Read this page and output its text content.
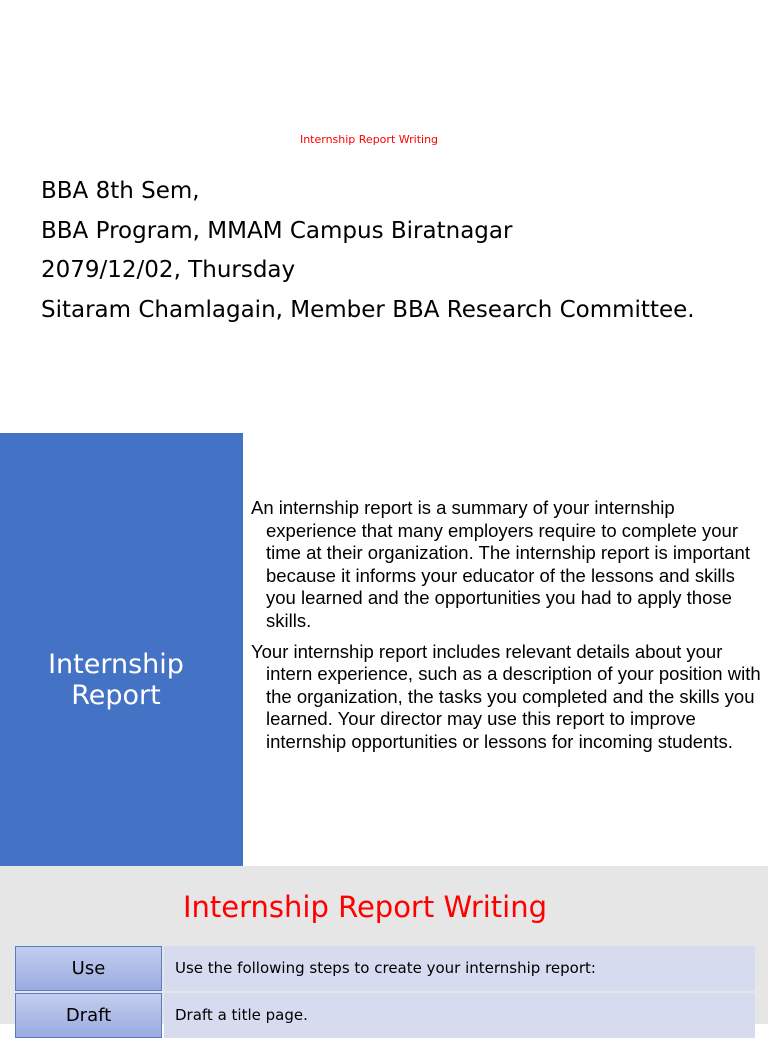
Internship Report Writing
BBA 8th Sem,
BBA Program, MMAM Campus Biratnagar
2079/12/02, Thursday
Sitaram Chamlagain, Member BBA Research Committee.
Internship
Report

An internship report is a summary of your internship experience that many employers require to complete your time at their organization. The internship report is important because it informs your educator of the lessons and skills you learned and the opportunities you had to apply those skills.

Your internship report includes relevant details about your intern experience, such as a description of your position with the organization, the tasks you completed and the skills you learned. Your director may use this report to improve internship opportunities or lessons for incoming students.

Internship Report Writing
Use	Use the following steps to create your internship report:
Draft	Draft a title page.
